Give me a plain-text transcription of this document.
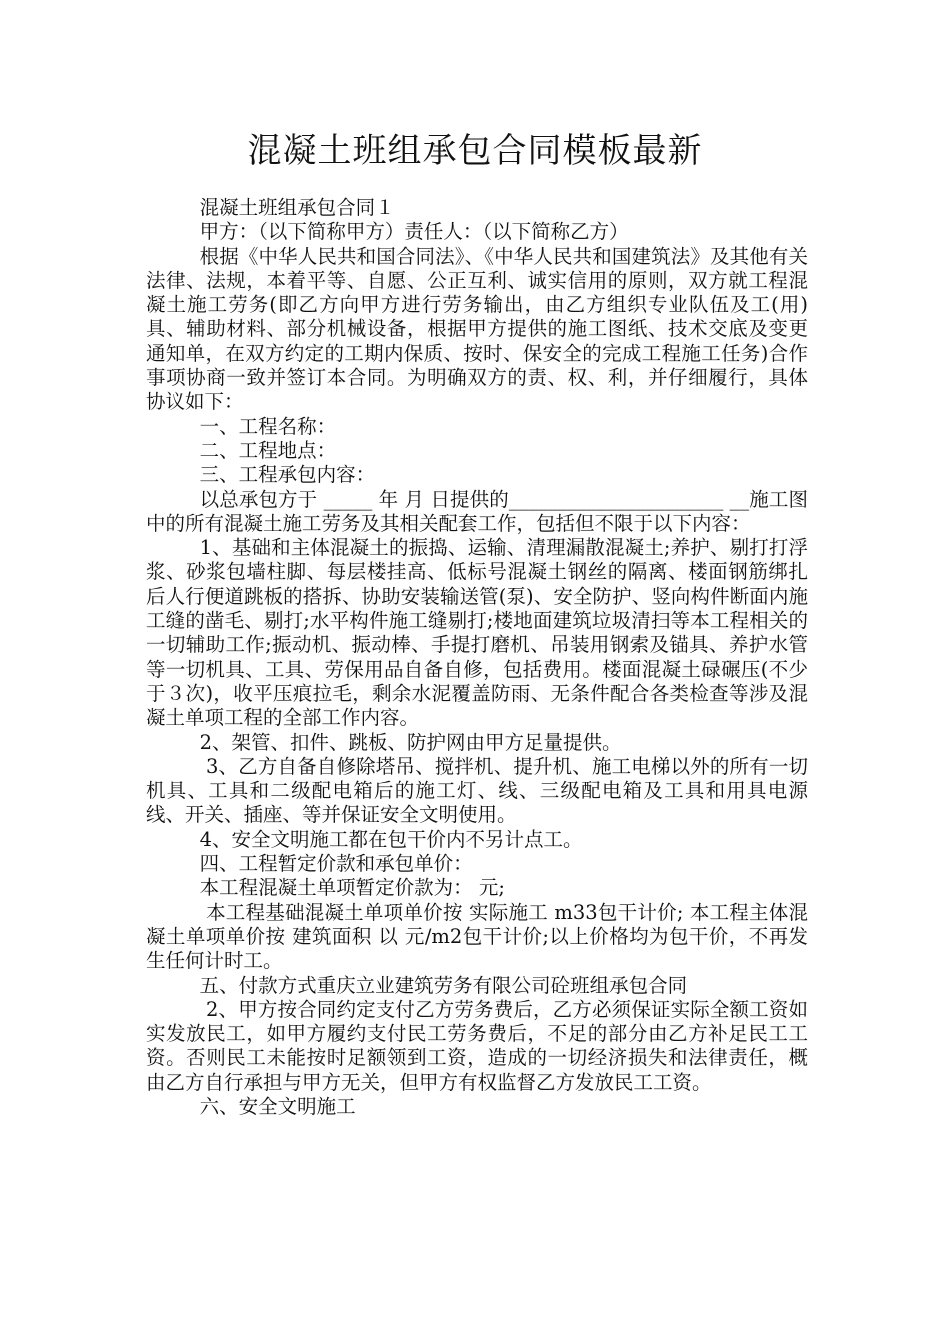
混凝土班组承包合同模板最新

混凝土班组承包合同１

甲方：（以下简称甲方）责任人：（以下简称乙方）

根据《中华人民共和国合同法》、《中华人民共和国建筑法》及其他有关法律、法规，本着平等、自愿、公正互利、诚实信用的原则，双方就工程混凝土施工劳务(即乙方向甲方进行劳务输出，由乙方组织专业队伍及工(用)具、辅助材料、部分机械设备，根据甲方提供的施工图纸、技术交底及变更通知单，在双方约定的工期内保质、按时、保安全的完成工程施工任务)合作事项协商一致并签订本合同。为明确双方的责、权、利，并仔细履行，具体协议如下：

一、工程名称：

二、工程地点：

三、工程承包内容：

以总承包方于 _____ 年 月 日提供的______________________ __施工图中的所有混凝土施工劳务及其相关配套工作，包括但不限于以下内容：

1、基础和主体混凝土的振捣、运输、清理漏散混凝土;养护、剔打打浮浆、砂浆包墙柱脚、每层楼挂高、低标号混凝土钢丝的隔离、楼面钢筋绑扎后人行便道跳板的搭拆、协助安装输送管(泵)、安全防护、竖向构件断面内施工缝的凿毛、剔打;水平构件施工缝剔打;楼地面建筑垃圾清扫等本工程相关的一切辅助工作;振动机、振动棒、手提打磨机、吊装用钢索及锚具、养护水管等一切机具、工具、劳保用品自备自修，包括费用。楼面混凝土碌碾压(不少于３次)，收平压痕拉毛，剩余水泥覆盖防雨、无条件配合各类检查等涉及混凝土单项工程的全部工作内容。

2、架管、扣件、跳板、防护网由甲方足量提供。

3、乙方自备自修除塔吊、搅拌机、提升机、施工电梯以外的所有一切机具、工具和二级配电箱后的施工灯、线、三级配电箱及工具和用具电源线、开关、插座、等并保证安全文明使用。

4、安全文明施工都在包干价内不另计点工。

四、工程暂定价款和承包单价：

本工程混凝土单项暂定价款为： 元;

本工程基础混凝土单项单价按 实际施工 m33包干计价; 本工程主体混凝土单项单价按 建筑面积 以 元/m2包干计价;以上价格均为包干价，不再发生任何计时工。

五、付款方式重庆立业建筑劳务有限公司砼班组承包合同

2、甲方按合同约定支付乙方劳务费后，乙方必须保证实际全额工资如实发放民工，如甲方履约支付民工劳务费后，不足的部分由乙方补足民工工资。否则民工未能按时足额领到工资，造成的一切经济损失和法律责任，概由乙方自行承担与甲方无关，但甲方有权监督乙方发放民工工资。

六、安全文明施工
